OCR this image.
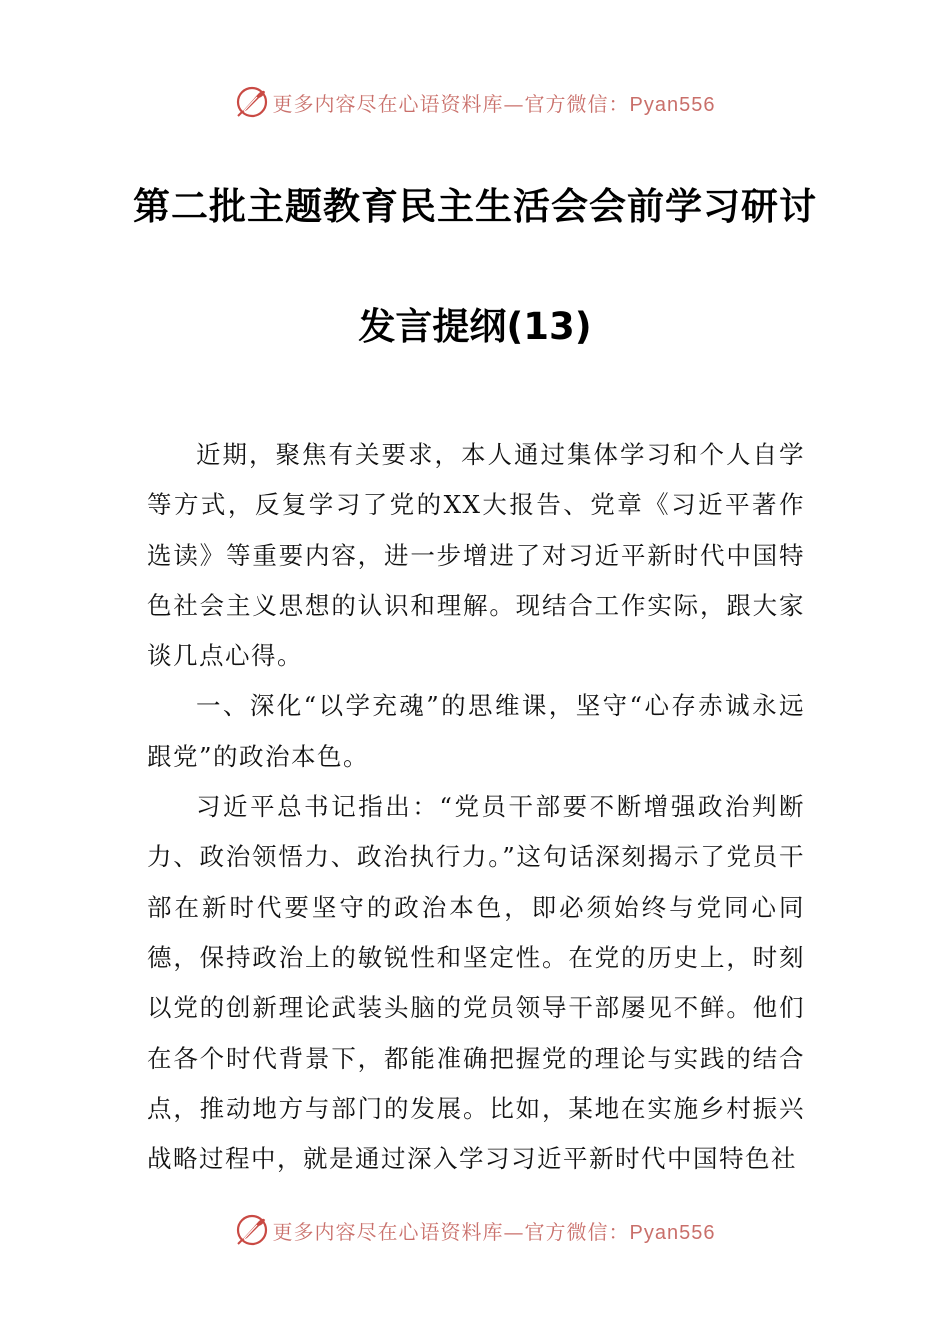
更多内容尽在心语资料库—官方微信：Pyan556
第二批主题教育民主生活会会前学习研讨
发言提纲(13)

近期，聚焦有关要求，本人通过集体学习和个人自学等方式，反复学习了党的XX大报告、党章《习近平著作选读》等重要内容，进一步增进了对习近平新时代中国特色社会主义思想的认识和理解。现结合工作实际，跟大家谈几点心得。

一、深化“以学充魂”的思维课，坚守“心存赤诚永远跟党”的政治本色。

习近平总书记指出：“党员干部要不断增强政治判断力、政治领悟力、政治执行力。”这句话深刻揭示了党员干部在新时代要坚守的政治本色，即必须始终与党同心同德，保持政治上的敏锐性和坚定性。在党的历史上，时刻以党的创新理论武装头脑的党员领导干部屡见不鲜。他们在各个时代背景下，都能准确把握党的理论与实践的结合点，推动地方与部门的发展。比如，某地在实施乡村振兴战略过程中，就是通过深入学习习近平新时代中国特色社

更多内容尽在心语资料库—官方微信：Pyan556
